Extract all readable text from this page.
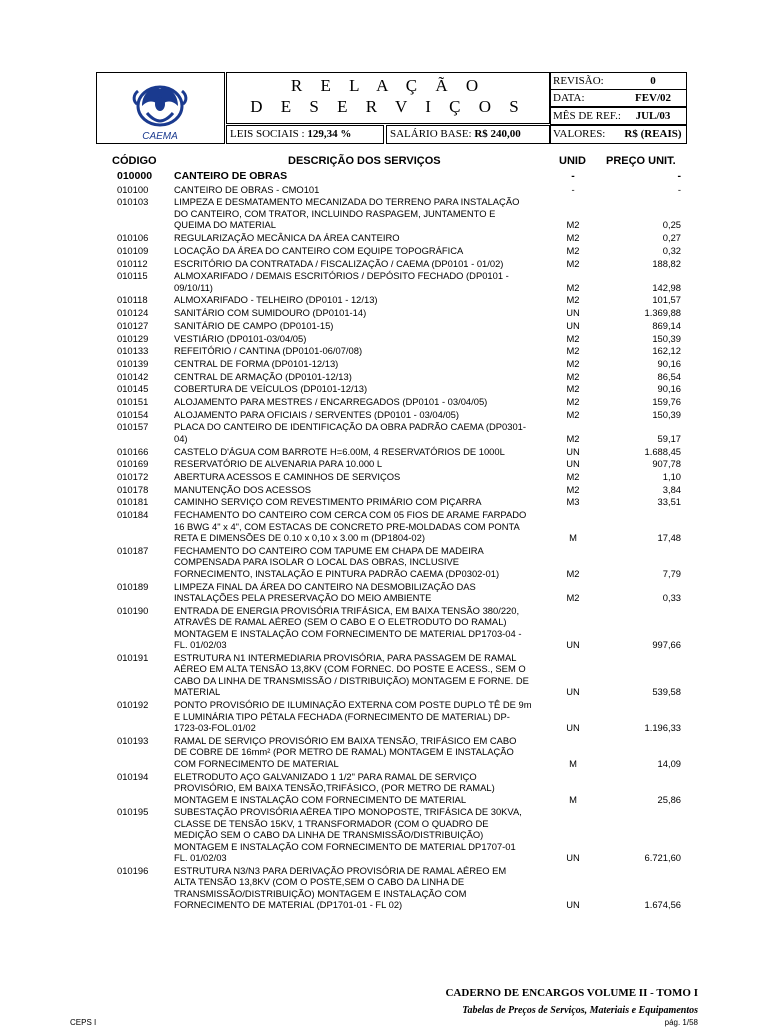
CAEMA
R E L A Ç Ã O
D E S E R V I Ç O S
LEIS SOCIAIS : 129,34 %	SALÁRIO BASE: R$ 240,00
REVISÃO:	0
DATA:	FEV/02
MÊS DE REF.:	JUL/03
VALORES: R$ (REAIS)
CÓDIGO	DESCRIÇÃO DOS SERVIÇOS	UNID PREÇO UNIT.
010000 CANTEIRO DE OBRAS	-	-
010100	CANTEIRO DE OBRAS - CMO101	-	-
010103	LIMPEZA E DESMATAMENTO MECANIZADA DO TERRENO PARA INSTALAÇÃO
DO CANTEIRO, COM TRATOR, INCLUINDO RASPAGEM, JUNTAMENTO E
QUEIMA DO MATERIAL	M2	0,25
010106	REGULARIZAÇÃO MECÂNICA DA ÁREA CANTEIRO	M2	0,27
010109	LOCAÇÃO DA ÁREA DO CANTEIRO COM EQUIPE TOPOGRÁFICA	M2	0,32
010112	ESCRITÓRIO DA CONTRATADA / FISCALIZAÇÃO / CAEMA (DP0101 - 01/02)	M2	188,82
010115	ALMOXARIFADO / DEMAIS ESCRITÓRIOS / DEPÓSITO FECHADO (DP0101 -
09/10/11)	M2	142,98
010118	ALMOXARIFADO - TELHEIRO (DP0101 - 12/13)	M2	101,57
010124	SANITÁRIO COM SUMIDOURO (DP0101-14)	UN	1.369,88
010127	SANITÁRIO DE CAMPO (DP0101-15)	UN	869,14
010129	VESTIÁRIO (DP0101-03/04/05)	M2	150,39
010133	REFEITÓRIO / CANTINA (DP0101-06/07/08)	M2	162,12
010139	CENTRAL DE FORMA (DP0101-12/13)	M2	90,16
010142	CENTRAL DE ARMAÇÃO (DP0101-12/13)	M2	86,54
010145	COBERTURA DE VEÍCULOS (DP0101-12/13)	M2	90,16
010151	ALOJAMENTO PARA MESTRES / ENCARREGADOS (DP0101 - 03/04/05)	M2	159,76
010154	ALOJAMENTO PARA OFICIAIS / SERVENTES (DP0101 - 03/04/05)	M2	150,39
010157	PLACA DO CANTEIRO DE IDENTIFICAÇÃO DA OBRA PADRÃO CAEMA (DP0301-
04)	M2	59,17
010166	CASTELO D'ÁGUA COM BARROTE H=6.00M, 4 RESERVATÓRIOS DE 1000L	UN	1.688,45
010169	RESERVATÓRIO DE ALVENARIA PARA 10.000 L	UN	907,78
010172	ABERTURA ACESSOS E CAMINHOS DE SERVIÇOS	M2	1,10
010178	MANUTENÇÃO DOS ACESSOS	M2	3,84
010181	CAMINHO SERVIÇO COM REVESTIMENTO PRIMÁRIO COM PIÇARRA	M3	33,51
010184	FECHAMENTO DO CANTEIRO COM CERCA COM 05 FIOS DE ARAME FARPADO
16 BWG 4" x 4", COM ESTACAS DE CONCRETO PRE-MOLDADAS COM PONTA
RETA E DIMENSÕES DE 0.10 x 0,10 x 3.00 m (DP1804-02)	M	17,48
010187	FECHAMENTO DO CANTEIRO COM TAPUME EM CHAPA DE MADEIRA
COMPENSADA PARA ISOLAR O LOCAL DAS OBRAS, INCLUSIVE
FORNECIMENTO, INSTALAÇÃO E PINTURA PADRÃO CAEMA (DP0302-01)	M2	7,79
010189	LIMPEZA FINAL DA ÁREA DO CANTEIRO NA DESMOBILIZAÇÃO DAS
INSTALAÇÕES PELA PRESERVAÇÃO DO MEIO AMBIENTE	M2	0,33
010190	ENTRADA DE ENERGIA PROVISÓRIA TRIFÁSICA, EM BAIXA TENSÃO 380/220,
ATRAVÉS DE RAMAL AÉREO (SEM O CABO E O ELETRODUTO DO RAMAL)
MONTAGEM E INSTALAÇÃO COM FORNECIMENTO DE MATERIAL DP1703-04 -
FL. 01/02/03	UN	997,66
010191	ESTRUTURA N1 INTERMEDIARIA PROVISÓRIA, PARA PASSAGEM DE RAMAL
AÉREO EM ALTA TENSÃO 13,8KV (COM FORNEC. DO POSTE E ACESS., SEM O
CABO DA LINHA DE TRANSMISSÃO / DISTRIBUIÇÃO) MONTAGEM E FORNE. DE
MATERIAL	UN	539,58
010192	PONTO PROVISÓRIO DE ILUMINAÇÃO EXTERNA COM POSTE DUPLO TÊ DE 9m
E LUMINÁRIA TIPO PÉTALA FECHADA (FORNECIMENTO DE MATERIAL) DP-
1723-03-FOL.01/02	UN	1.196,33
010193	RAMAL DE SERVIÇO PROVISÓRIO EM BAIXA TENSÃO, TRIFÁSICO EM CABO
DE COBRE DE 16mm² (POR METRO DE RAMAL) MONTAGEM E INSTALAÇÃO
COM FORNECIMENTO DE MATERIAL	M	14,09
010194	ELETRODUTO AÇO GALVANIZADO 1 1/2" PARA RAMAL DE SERVIÇO
PROVISÓRIO, EM BAIXA TENSÃO,TRIFÁSICO, (POR METRO DE RAMAL)
MONTAGEM E INSTALAÇÃO COM FORNECIMENTO DE MATERIAL	M	25,86
010195	SUBESTAÇÃO PROVISÓRIA AÉREA TIPO MONOPOSTE, TRIFÁSICA DE 30KVA,
CLASSE DE TENSÃO 15KV, 1 TRANSFORMADOR (COM O QUADRO DE
MEDIÇÃO SEM O CABO DA LINHA DE TRANSMISSÃO/DISTRIBUIÇÃO)
MONTAGEM E INSTALAÇÃO COM FORNECIMENTO DE MATERIAL DP1707-01
FL. 01/02/03	UN	6.721,60
010196	ESTRUTURA N3/N3 PARA DERIVAÇÃO PROVISÓRIA DE RAMAL AÉREO EM
ALTA TENSÃO 13,8KV (COM O POSTE,SEM O CABO DA LINHA DE
TRANSMISSÃO/DISTRIBUIÇÃO) MONTAGEM E INSTALAÇÃO COM
FORNECIMENTO DE MATERIAL (DP1701-01 - FL 02)	UN	1.674,56
CADERNO DE ENCARGOS VOLUME II - TOMO I
Tabelas de Preços de Serviços, Materiais e Equipamentos
CEPS I	pág. 1/58
